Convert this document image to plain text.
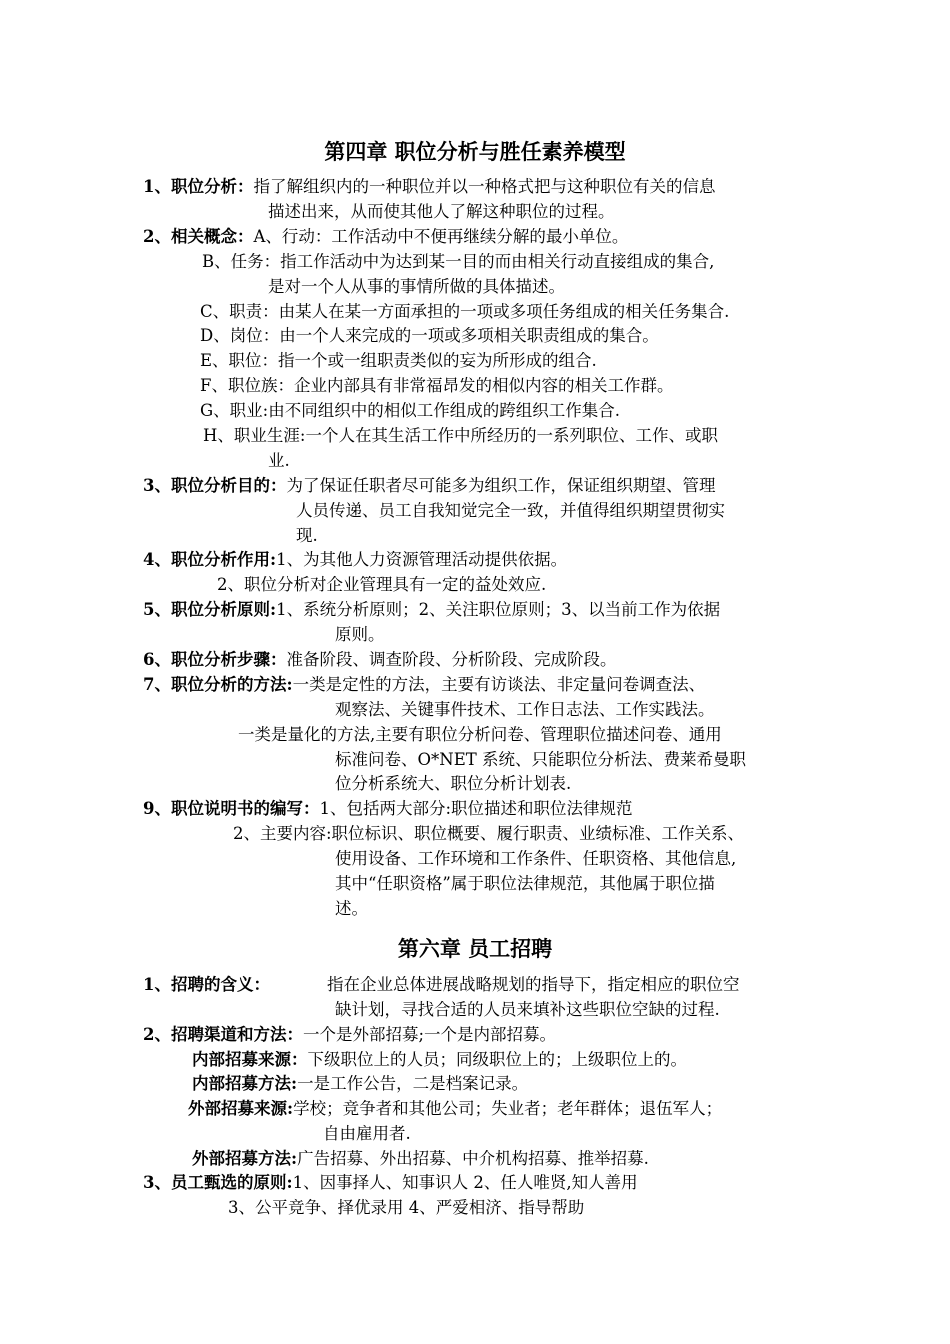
第四章 职位分析与胜任素养模型
1、职位分析：指了解组织内的一种职位并以一种格式把与这种职位有关的信息
描述出来，从而使其他人了解这种职位的过程。
2、相关概念：A、行动：工作活动中不便再继续分解的最小单位。
B、任务：指工作活动中为达到某一目的而由相关行动直接组成的集合,
是对一个人从事的事情所做的具体描述。
C、职责：由某人在某一方面承担的一项或多项任务组成的相关任务集合.
D、岗位：由一个人来完成的一项或多项相关职责组成的集合。
E、职位：指一个或一组职责类似的妄为所形成的组合.
F、职位族：企业内部具有非常福昂发的相似内容的相关工作群。
G、职业:由不同组织中的相似工作组成的跨组织工作集合.
H、职业生涯:一个人在其生活工作中所经历的一系列职位、工作、或职
业.
3、职位分析目的：为了保证任职者尽可能多为组织工作，保证组织期望、管理
人员传递、员工自我知觉完全一致，并值得组织期望贯彻实
现.
4、职位分析作用:1、为其他人力资源管理活动提供依据。
2、职位分析对企业管理具有一定的益处效应.
5、职位分析原则:1、系统分析原则；2、关注职位原则；3、以当前工作为依据
原则。
6、职位分析步骤：准备阶段、调查阶段、分析阶段、完成阶段。
7、职位分析的方法:一类是定性的方法，主要有访谈法、非定量问卷调查法、
观察法、关键事件技术、工作日志法、工作实践法。
一类是量化的方法,主要有职位分析问卷、管理职位描述问卷、通用
标准问卷、O*NET 系统、只能职位分析法、费莱希曼职
位分析系统大、职位分析计划表.
9、职位说明书的编写：1、包括两大部分:职位描述和职位法律规范
2、主要内容:职位标识、职位概要、履行职责、业绩标准、工作关系、
使用设备、工作环境和工作条件、任职资格、其他信息,
其中“任职资格”属于职位法律规范，其他属于职位描
述。
第六章 员工招聘
1、招聘的含义：	指在企业总体进展战略规划的指导下，指定相应的职位空
缺计划，寻找合适的人员来填补这些职位空缺的过程.
2、招聘渠道和方法：一个是外部招募;一个是内部招募。
内部招募来源：下级职位上的人员；同级职位上的；上级职位上的。
内部招募方法:一是工作公告，二是档案记录。
外部招募来源:学校；竞争者和其他公司；失业者；老年群体；退伍军人；
自由雇用者.
外部招募方法:广告招募、外出招募、中介机构招募、推举招募.
3、员工甄选的原则:1、因事择人、知事识人 2、任人唯贤,知人善用
3、公平竞争、择优录用 4、严爱相济、指导帮助
